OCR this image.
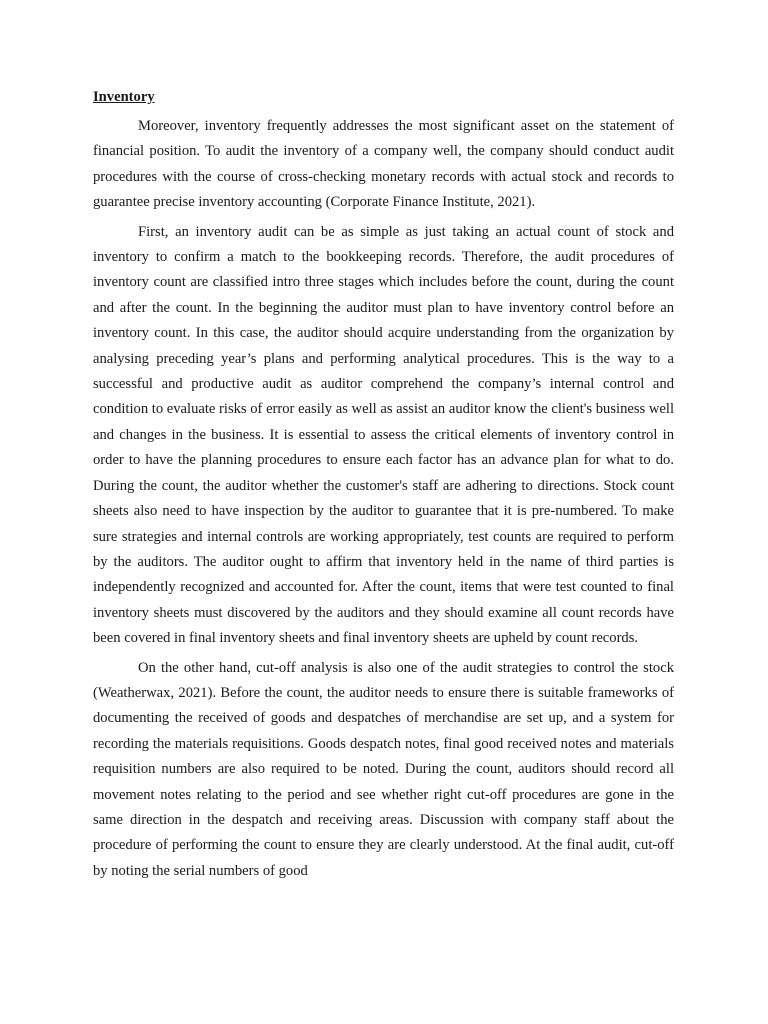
Inventory

Moreover, inventory frequently addresses the most significant asset on the statement of financial position. To audit the inventory of a company well, the company should conduct audit procedures with the course of cross-checking monetary records with actual stock and records to guarantee precise inventory accounting (Corporate Finance Institute, 2021).

First, an inventory audit can be as simple as just taking an actual count of stock and inventory to confirm a match to the bookkeeping records. Therefore, the audit procedures of inventory count are classified intro three stages which includes before the count, during the count and after the count. In the beginning the auditor must plan to have inventory control before an inventory count. In this case, the auditor should acquire understanding from the organization by analysing preceding year’s plans and performing analytical procedures. This is the way to a successful and productive audit as auditor comprehend the company’s internal control and condition to evaluate risks of error easily as well as assist an auditor know the client's business well and changes in the business. It is essential to assess the critical elements of inventory control in order to have the planning procedures to ensure each factor has an advance plan for what to do. During the count, the auditor whether the customer's staff are adhering to directions. Stock count sheets also need to have inspection by the auditor to guarantee that it is pre-numbered. To make sure strategies and internal controls are working appropriately, test counts are required to perform by the auditors. The auditor ought to affirm that inventory held in the name of third parties is independently recognized and accounted for. After the count, items that were test counted to final inventory sheets must discovered by the auditors and they should examine all count records have been covered in final inventory sheets and final inventory sheets are upheld by count records.

On the other hand, cut-off analysis is also one of the audit strategies to control the stock (Weatherwax, 2021). Before the count, the auditor needs to ensure there is suitable frameworks of documenting the received of goods and despatches of merchandise are set up, and a system for recording the materials requisitions. Goods despatch notes, final good received notes and materials requisition numbers are also required to be noted. During the count, auditors should record all movement notes relating to the period and see whether right cut-off procedures are gone in the same direction in the despatch and receiving areas. Discussion with company staff about the procedure of performing the count to ensure they are clearly understood. At the final audit, cut-off by noting the serial numbers of good
